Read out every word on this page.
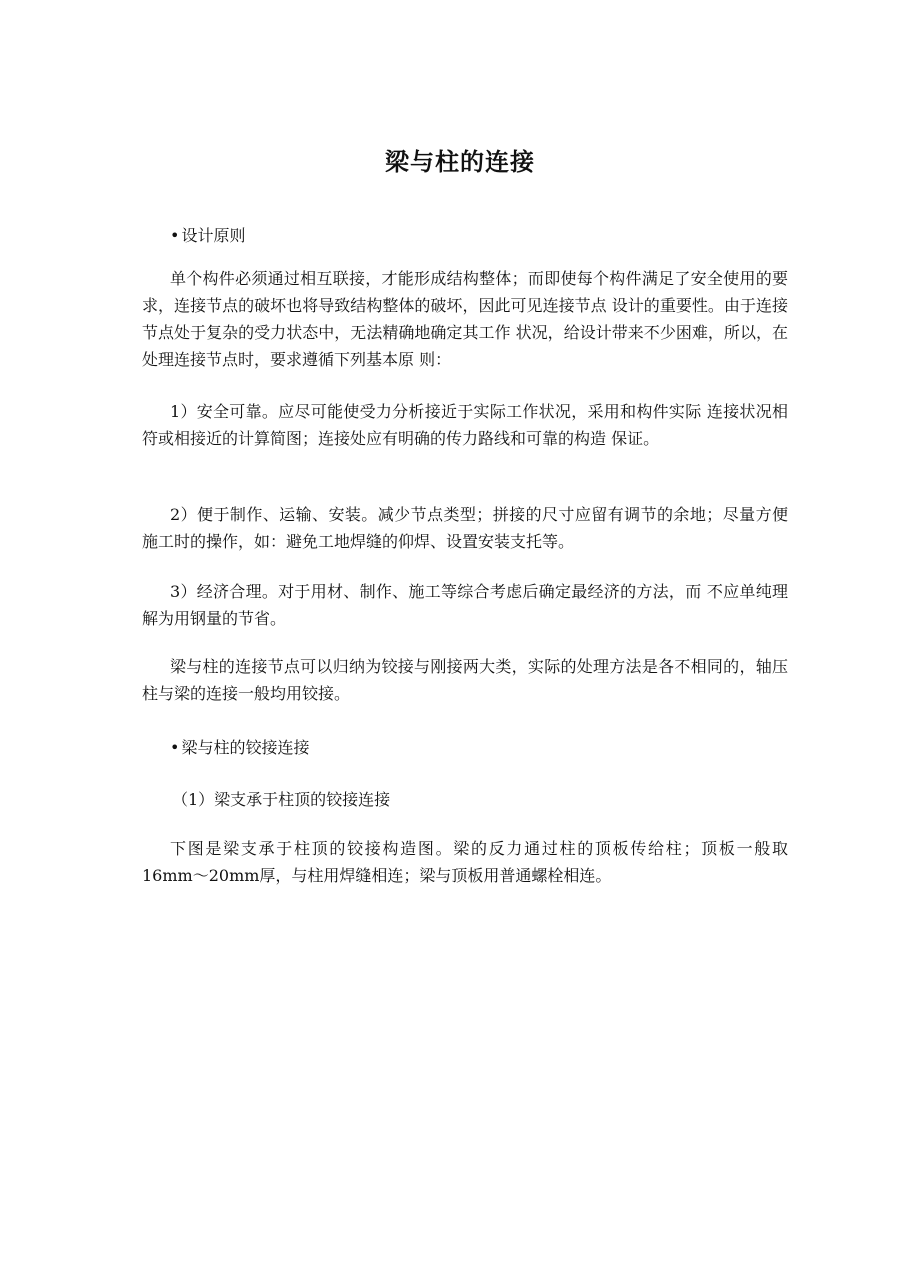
梁与柱的连接

• 设计原则

单个构件必须通过相互联接，才能形成结构整体；而即使每个构件满足了安全使用的要求，连接节点的破坏也将导致结构整体的破坏，因此可见连接节点 设计的重要性。由于连接节点处于复杂的受力状态中，无法精确地确定其工作 状况，给设计带来不少困难，所以，在处理连接节点时，要求遵循下列基本原 则：

1）安全可靠。应尽可能使受力分析接近于实际工作状况，采用和构件实际 连接状况相符或相接近的计算简图；连接处应有明确的传力路线和可靠的构造 保证。

2）便于制作、运输、安装。减少节点类型；拼接的尺寸应留有调节的余地；尽量方便施工时的操作，如：避免工地焊缝的仰焊、设置安装支托等。

3）经济合理。对于用材、制作、施工等综合考虑后确定最经济的方法，而 不应单纯理解为用钢量的节省。

梁与柱的连接节点可以归纳为铰接与刚接两大类，实际的处理方法是各不相同的，轴压柱与梁的连接一般均用铰接。

• 梁与柱的铰接连接

（1）梁支承于柱顶的铰接连接

下图是梁支承于柱顶的铰接构造图。梁的反力通过柱的顶板传给柱；顶板一般取16mm〜20mm厚，与柱用焊缝相连；梁与顶板用普通螺栓相连。
